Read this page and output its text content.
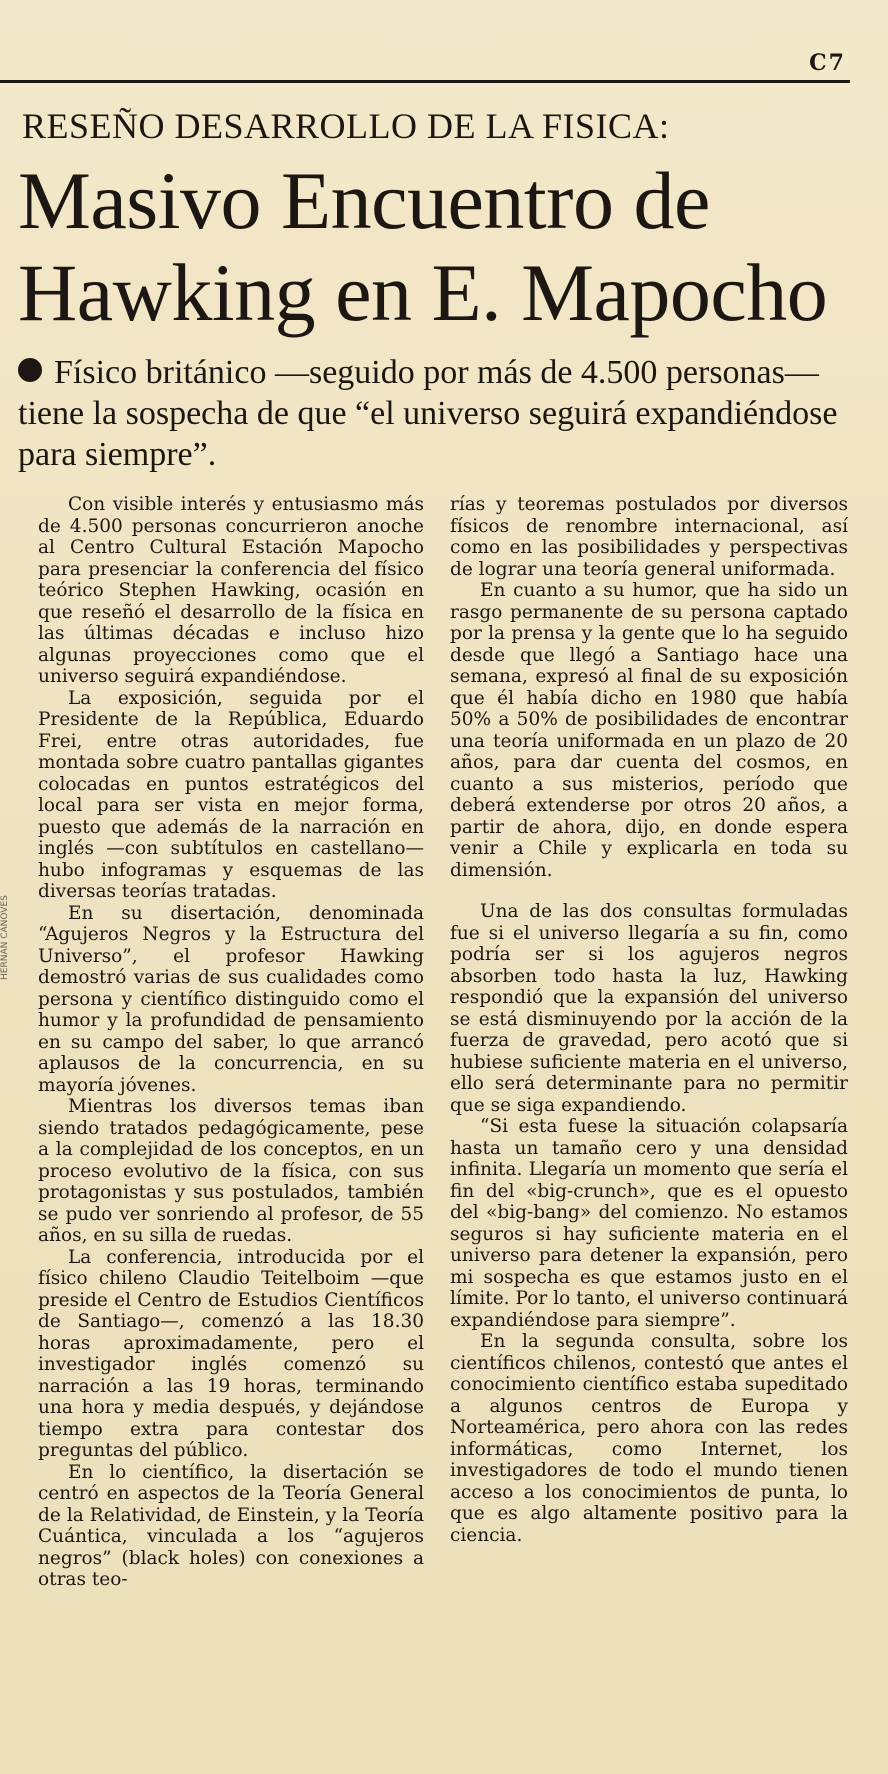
C7
RESEÑO DESARROLLO DE LA FISICA:
Masivo Encuentro de Hawking en E. Mapocho
Físico británico —seguido por más de 4.500 personas— tiene la sospecha de que “el universo seguirá expandiéndose para siempre”.
HERNAN CANOVES

Con visible interés y entusiasmo más de 4.500 personas concurrieron anoche al Centro Cultural Estación Mapocho para presenciar la conferencia del físico teórico Stephen Hawking, ocasión en que reseñó el desarrollo de la física en las últimas décadas e incluso hizo algunas proyecciones como que el universo seguirá expandiéndose.

La exposición, seguida por el Presidente de la República, Eduardo Frei, entre otras autoridades, fue montada sobre cuatro pantallas gigantes colocadas en puntos estratégicos del local para ser vista en mejor forma, puesto que además de la narración en inglés —con subtítulos en castellano— hubo infogramas y esquemas de las diversas teorías tratadas.

En su disertación, denominada “Agujeros Negros y la Estructura del Universo”, el profesor Hawking demostró varias de sus cualidades como persona y científico distinguido como el humor y la profundidad de pensamiento en su campo del saber, lo que arrancó aplausos de la concurrencia, en su mayoría jóvenes.

Mientras los diversos temas iban siendo tratados pedagógicamente, pese a la complejidad de los conceptos, en un proceso evolutivo de la física, con sus protagonistas y sus postulados, también se pudo ver sonriendo al profesor, de 55 años, en su silla de ruedas.

La conferencia, introducida por el físico chileno Claudio Teitelboim —que preside el Centro de Estudios Científicos de Santiago—, comenzó a las 18.30 horas aproximadamente, pero el investigador inglés comenzó su narración a las 19 horas, terminando una hora y media después, y dejándose tiempo extra para contestar dos preguntas del público.

En lo científico, la disertación se centró en aspectos de la Teoría General de la Relatividad, de Einstein, y la Teoría Cuántica, vinculada a los “agujeros negros” (black holes) con conexiones a otras teo-

rías y teoremas postulados por diversos físicos de renombre internacional, así como en las posibilidades y perspectivas de lograr una teoría general uniformada.

En cuanto a su humor, que ha sido un rasgo permanente de su persona captado por la prensa y la gente que lo ha seguido desde que llegó a Santiago hace una semana, expresó al final de su exposición que él había dicho en 1980 que había 50% a 50% de posibilidades de encontrar una teoría uniformada en un plazo de 20 años, para dar cuenta del cosmos, en cuanto a sus misterios, período que deberá extenderse por otros 20 años, a partir de ahora, dijo, en donde espera venir a Chile y explicarla en toda su dimensión.

Una de las dos consultas formuladas fue si el universo llegaría a su fin, como podría ser si los agujeros negros absorben todo hasta la luz, Hawking respondió que la expansión del universo se está disminuyendo por la acción de la fuerza de gravedad, pero acotó que si hubiese suficiente materia en el universo, ello será determinante para no permitir que se siga expandiendo.

“Si esta fuese la situación colapsaría hasta un tamaño cero y una densidad infinita. Llegaría un momento que sería el fin del «big-crunch», que es el opuesto del «big-bang» del comienzo. No estamos seguros si hay suficiente materia en el universo para detener la expansión, pero mi sospecha es que estamos justo en el límite. Por lo tanto, el universo continuará expandiéndose para siempre”.

En la segunda consulta, sobre los científicos chilenos, contestó que antes el conocimiento científico estaba supeditado a algunos centros de Europa y Norteamérica, pero ahora con las redes informáticas, como Internet, los investigadores de todo el mundo tienen acceso a los conocimientos de punta, lo que es algo altamente positivo para la ciencia.
